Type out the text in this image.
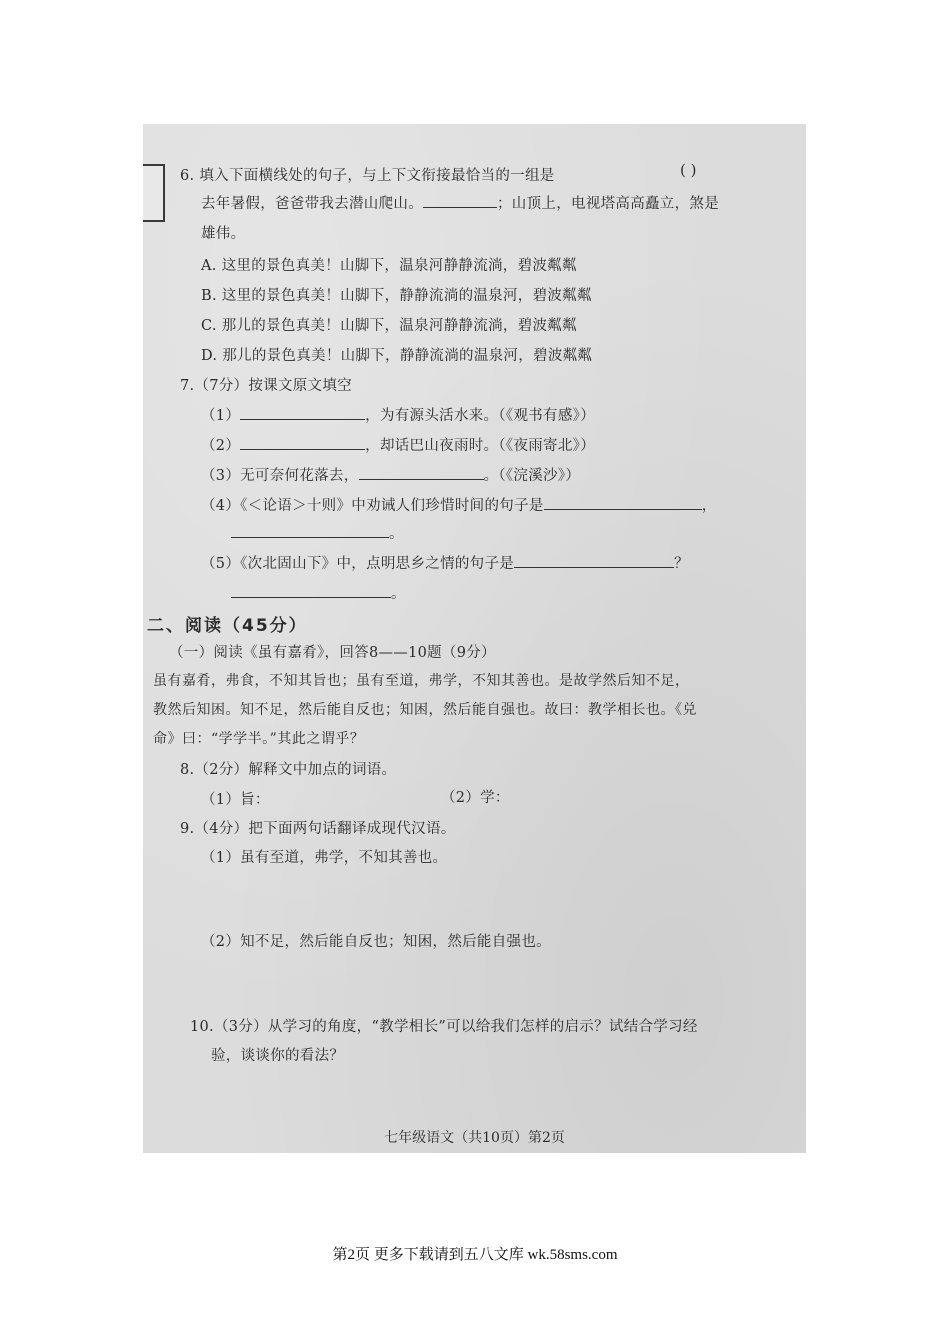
6. 填入下面横线处的句子，与上下文衔接最恰当的一组是	( )
去年暑假，爸爸带我去潜山爬山。	；山顶上，电视塔高高矗立，煞是
雄伟。
A. 这里的景色真美！山脚下，温泉河静静流淌，碧波粼粼
B. 这里的景色真美！山脚下，静静流淌的温泉河，碧波粼粼
C. 那儿的景色真美！山脚下，温泉河静静流淌，碧波粼粼
D. 那儿的景色真美！山脚下，静静流淌的温泉河，碧波粼粼
7.（7分）按课文原文填空
（1）	，为有源头活水来。（《观书有感》）
（2）	，却话巴山夜雨时。（《夜雨寄北》）
（3）无可奈何花落去，	。（《浣溪沙》）
（4）《＜论语＞十则》中劝诫人们珍惜时间的句子是	，
。
（5）《次北固山下》中，点明思乡之情的句子是	？
。
二、阅读（45分）
（一）阅读《虽有嘉肴》，回答8——10题（9分）
虽有嘉肴，弗食，不知其旨也；虽有至道，弗学，不知其善也。是故学然后知不足，
教然后知困。知不足，然后能自反也；知困，然后能自强也。故曰：教学相长也。《兑
命》曰：“学学半。”其此之谓乎？
8.（2分）解释文中加点的词语。
（1）旨：	（2）学：
9.（4分）把下面两句话翻译成现代汉语。
（1）虽有至道，弗学，不知其善也。
（2）知不足，然后能自反也；知困，然后能自强也。
10.（3分）从学习的角度，“教学相长”可以给我们怎样的启示？试结合学习经
验，谈谈你的看法？
七年级语文（共10页）第2页
第2页 更多下载请到五八文库 wk.58sms.com
